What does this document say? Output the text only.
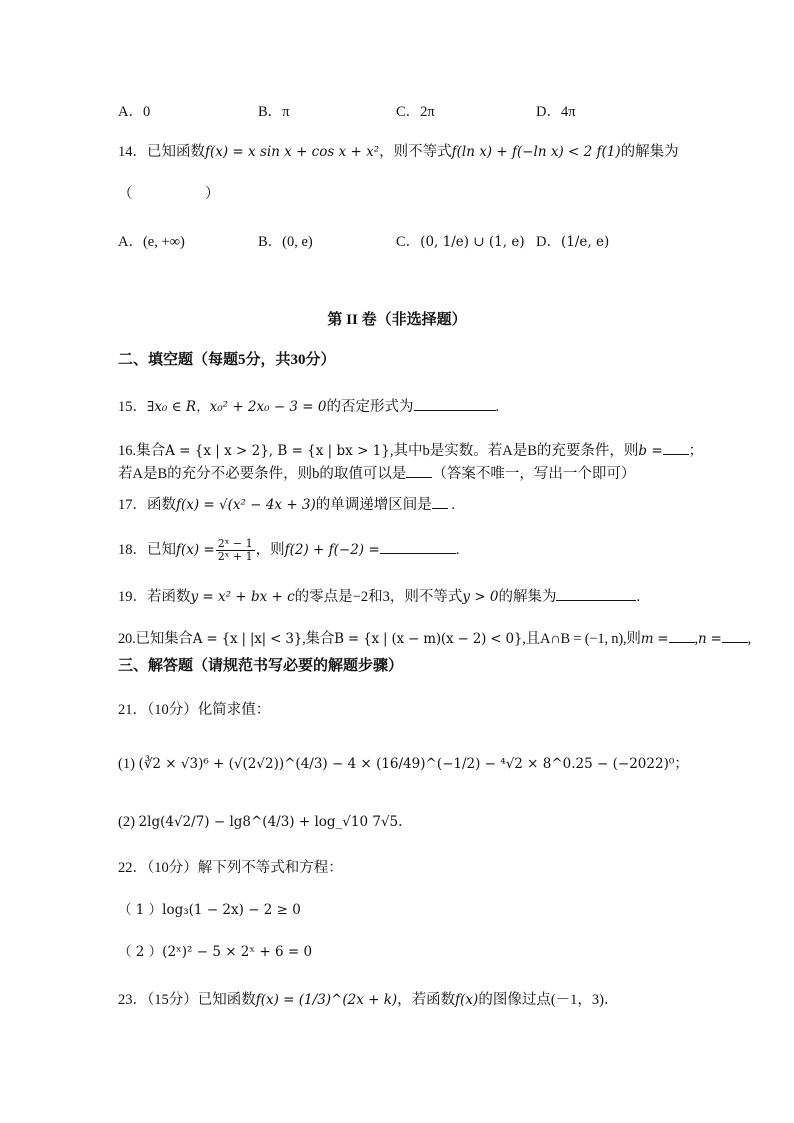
A．0	B．π	C．2π	D．4π
14．已知函数f(x) = x sin x + cos x + x²，则不等式f(ln x) + f(−ln x) < 2 f(1)的解集为
（　　　　　）
A．(e, +∞)	B．(0, e)	C．(0, 1/e) ∪ (1, e) D．(1/e, e)
第 II 卷（非选择题）
二、填空题（每题5分，共30分）
15．∃x₀ ∈ R，x₀² + 2x₀ − 3 = 0的否定形式为	.
16.集合A = {x | x > 2}, B = {x | bx > 1},其中b是实数。若A是B的充要条件，则b = ；
若A是B的充分不必要条件，则b的取值可以是 （答案不唯一，写出一个即可）
17．函数f(x) = √(x² − 4x + 3)的单调递增区间是 .
18．已知$f(x) = \frac{\text{2ˣ − 1}}{\text{2ˣ + 1}}$ ，则f(2) + f(−2) =	.
19．若函数y = x² + bx + c的零点是−2和3，则不等式y > 0的解集为	.
20.已知集合A = {x | |x| < 3},集合B = {x | (x − m)(x − 2) < 0},且A∩B = (−1, n),则m = ,n = ,
三、解答题（请规范书写必要的解题步骤）
21．（10分）化简求值：
(1) (∛2 × √3)⁶ + (√(2√2))^(4/3) − 4 × (16/49)^(−1/2) − ⁴√2 × 8^0.25 − (−2022)⁰；
(2) 2lg(4√2/7) − lg8^(4/3) + log_√10 7√5．
22．（10分）解下列不等式和方程：
（ 1 ）log₃(1 − 2x) − 2 ≥ 0
（ 2 ）(2ˣ)² − 5 × 2ˣ + 6 = 0
23．（15分）已知函数f(x) = (1/3)^(2x + k)，若函数f(x)的图像过点(－1，3)．
